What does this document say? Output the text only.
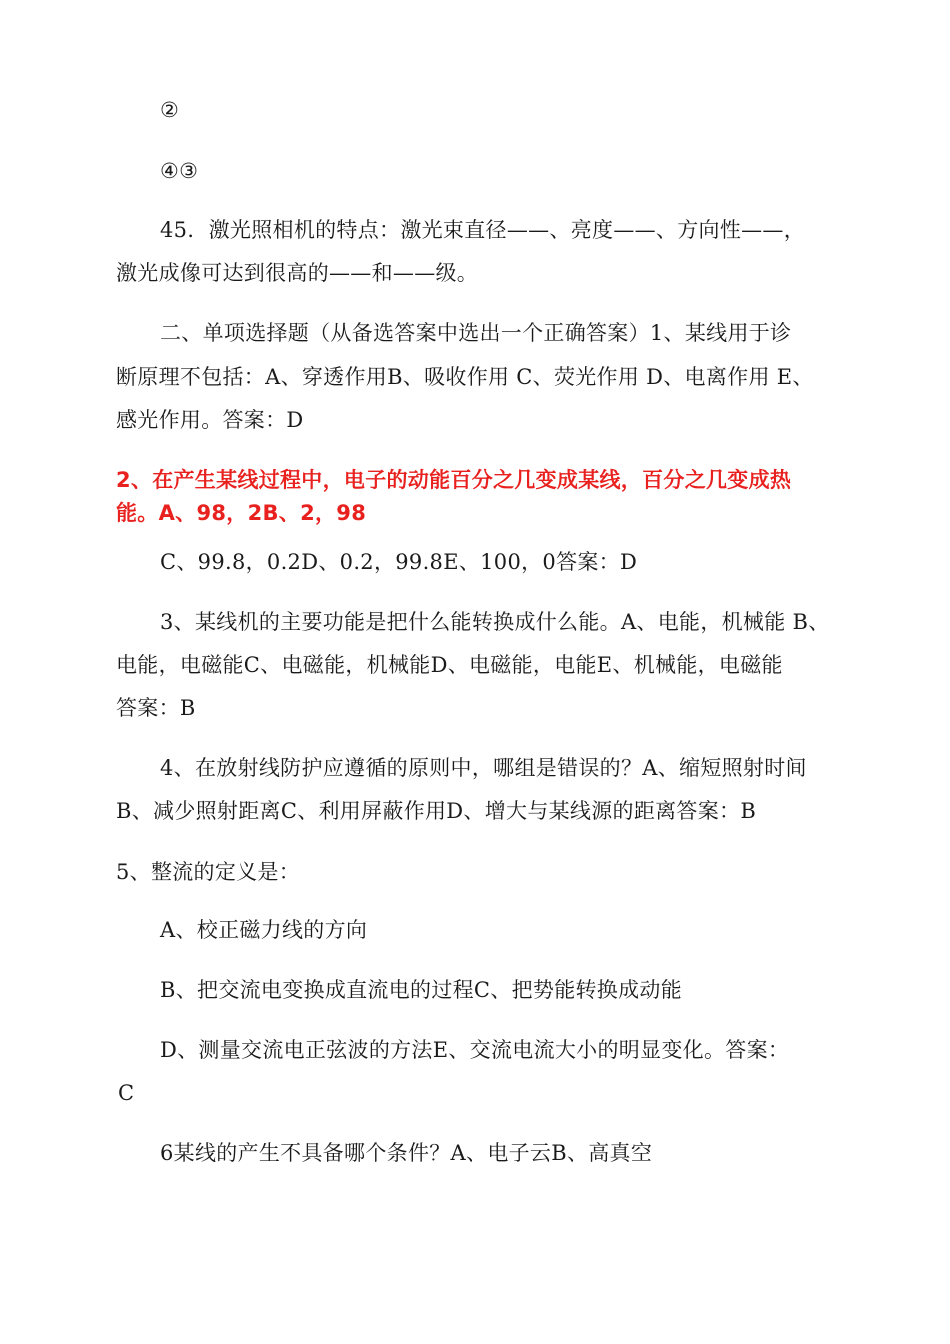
②
④③
45．激光照相机的特点：激光束直径——、亮度——、方向性——，
激光成像可达到很高的——和——级。
二、单项选择题（从备选答案中选出一个正确答案）1、某线用于诊
断原理不包括：A、穿透作用B、吸收作用 C、荧光作用 D、电离作用 E、
感光作用。答案：D
2、在产生某线过程中，电子的动能百分之几变成某线，百分之几变成热
能。A、98，2B、2，98
C、99.8，0.2D、0.2，99.8E、100，0答案：D
3、某线机的主要功能是把什么能转换成什么能。A、电能，机械能 B、
电能，电磁能C、电磁能，机械能D、电磁能，电能E、机械能，电磁能
答案：B
4、在放射线防护应遵循的原则中，哪组是错误的？A、缩短照射时间
B、减少照射距离C、利用屏蔽作用D、增大与某线源的距离答案：B
5、整流的定义是：
A、校正磁力线的方向
B、把交流电变换成直流电的过程C、把势能转换成动能
D、测量交流电正弦波的方法E、交流电流大小的明显变化。答案：
C
6某线的产生不具备哪个条件？A、电子云B、高真空
